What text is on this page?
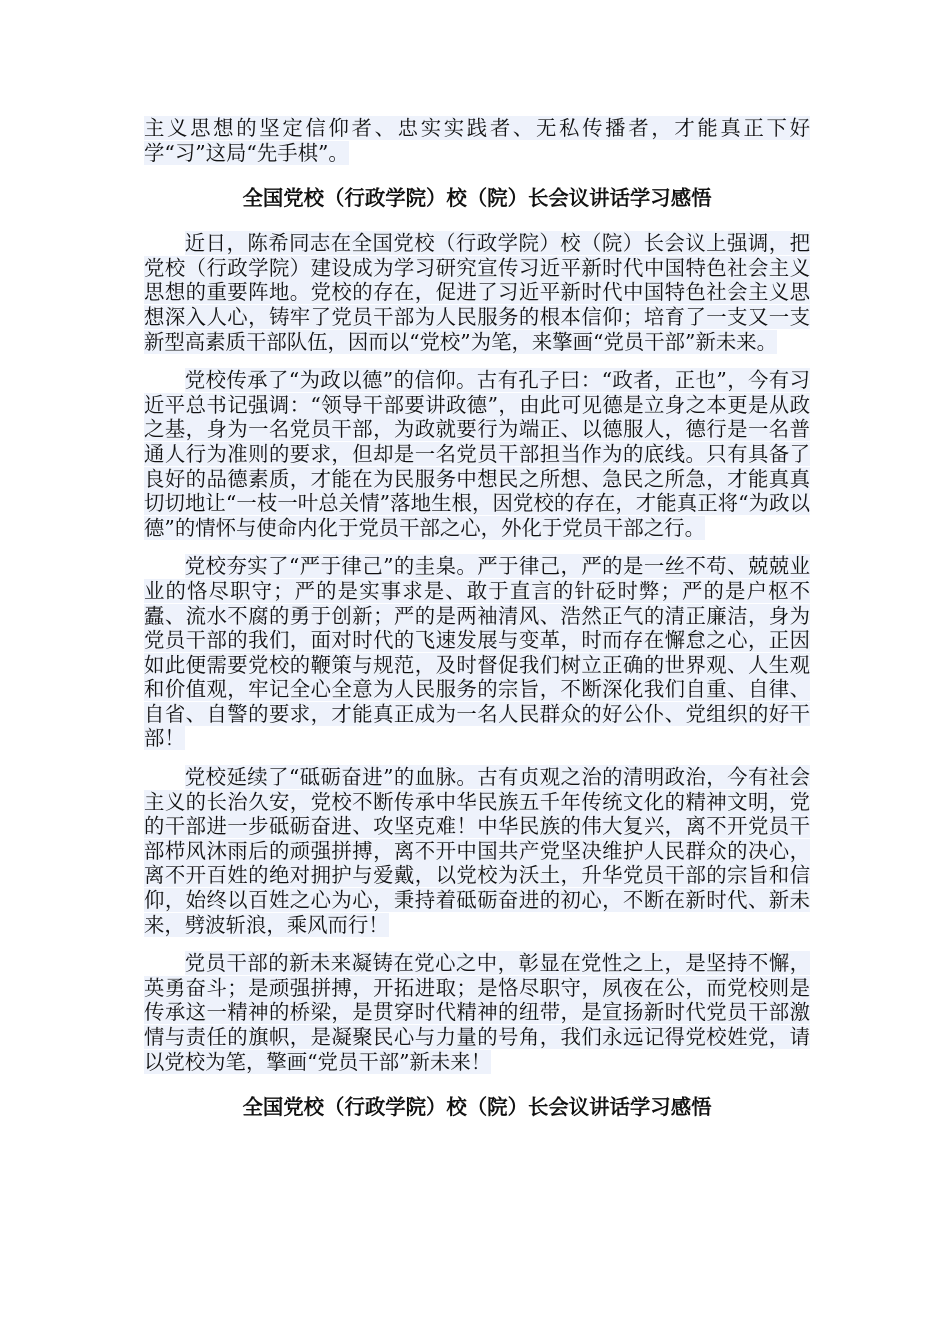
主义思想的坚定信仰者、忠实实践者、无私传播者，才能真正下好学“习”这局“先手棋”。

全国党校（行政学院）校（院）长会议讲话学习感悟

近日，陈希同志在全国党校（行政学院）校（院）长会议上强调，把党校（行政学院）建设成为学习研究宣传习近平新时代中国特色社会主义思想的重要阵地。党校的存在，促进了习近平新时代中国特色社会主义思想深入人心，铸牢了党员干部为人民服务的根本信仰；培育了一支又一支新型高素质干部队伍，因而以“党校”为笔，来擎画“党员干部”新未来。

党校传承了“为政以德”的信仰。古有孔子曰：“政者，正也”，今有习近平总书记强调：“领导干部要讲政德”，由此可见德是立身之本更是从政之基，身为一名党员干部，为政就要行为端正、以德服人，德行是一名普通人行为准则的要求，但却是一名党员干部担当作为的底线。只有具备了良好的品德素质，才能在为民服务中想民之所想、急民之所急，才能真真切切地让“一枝一叶总关情”落地生根，因党校的存在，才能真正将“为政以德”的情怀与使命内化于党员干部之心，外化于党员干部之行。

党校夯实了“严于律己”的圭臬。严于律己，严的是一丝不苟、兢兢业业的恪尽职守；严的是实事求是、敢于直言的针砭时弊；严的是户枢不蠹、流水不腐的勇于创新；严的是两袖清风、浩然正气的清正廉洁，身为党员干部的我们，面对时代的飞速发展与变革，时而存在懈怠之心，正因如此便需要党校的鞭策与规范，及时督促我们树立正确的世界观、人生观和价值观，牢记全心全意为人民服务的宗旨，不断深化我们自重、自律、自省、自警的要求，才能真正成为一名人民群众的好公仆、党组织的好干部！

党校延续了“砥砺奋进”的血脉。古有贞观之治的清明政治，今有社会主义的长治久安，党校不断传承中华民族五千年传统文化的精神文明，党的干部进一步砥砺奋进、攻坚克难！中华民族的伟大复兴，离不开党员干部栉风沐雨后的顽强拼搏，离不开中国共产党坚决维护人民群众的决心，离不开百姓的绝对拥护与爱戴，以党校为沃土，升华党员干部的宗旨和信仰，始终以百姓之心为心，秉持着砥砺奋进的初心，不断在新时代、新未来，劈波斩浪，乘风而行！

党员干部的新未来凝铸在党心之中，彰显在党性之上，是坚持不懈，英勇奋斗；是顽强拼搏，开拓进取；是恪尽职守，夙夜在公，而党校则是传承这一精神的桥梁，是贯穿时代精神的纽带，是宣扬新时代党员干部激情与责任的旗帜，是凝聚民心与力量的号角，我们永远记得党校姓党，请以党校为笔，擎画“党员干部”新未来！

全国党校（行政学院）校（院）长会议讲话学习感悟
